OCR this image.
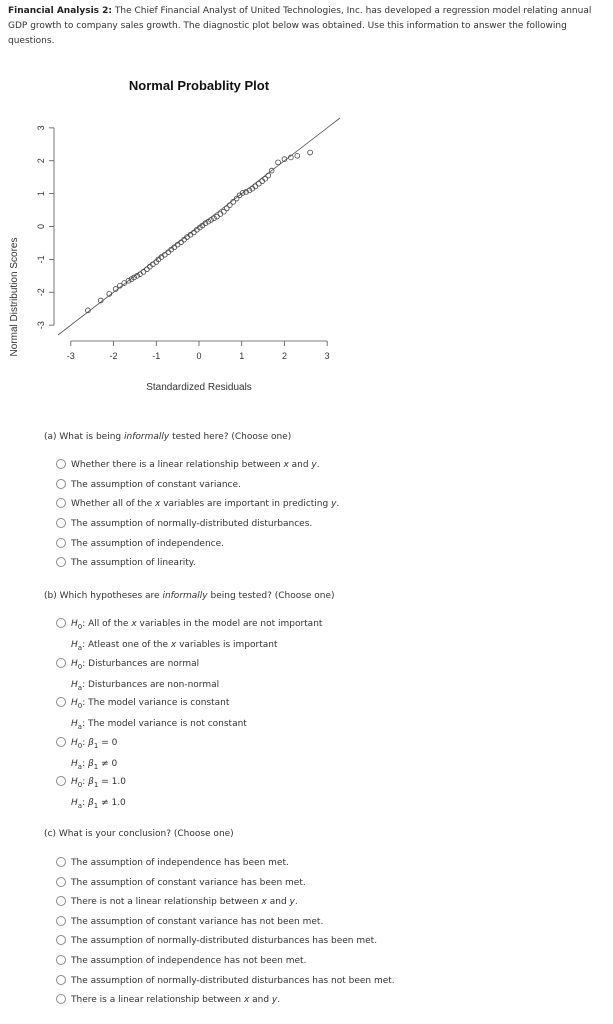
Financial Analysis 2: The Chief Financial Analyst of United Technologies, Inc. has developed a regression model relating annual GDP growth to company sales growth. The diagnostic plot below was obtained. Use this information to answer the following questions.
Normal Probablity Plot
Normal Distribution Scores
Standardized Residuals
-3	-2	-1	0	1	2	3
-3
-2
-1
0
1
2
3
(a) What is being informally tested here? (Choose one)
Whether there is a linear relationship between x and y.
The assumption of constant variance.
Whether all of the x variables are important in predicting y.
The assumption of normally-distributed disturbances.
The assumption of independence.
The assumption of linearity.
(b) Which hypotheses are informally being tested? (Choose one)
$H_0$: All of the x variables in the model are not important
$H_a$: Atleast one of the x variables is important
$H_0$: Disturbances are normal
$H_a$: Disturbances are non-normal
$H_0$: The model variance is constant
$H_a$: The model variance is not constant
$H_0$: $\beta_1 = 0$
$H_a$: $\beta_1 \ne 0$
$H_0$: $\beta_1 = 1.0$
$H_a$: $\beta_1 \ne 1.0$
(c) What is your conclusion? (Choose one)
The assumption of independence has been met.
The assumption of constant variance has been met.
There is not a linear relationship between x and y.
The assumption of constant variance has not been met.
The assumption of normally-distributed disturbances has been met.
The assumption of independence has not been met.
The assumption of normally-distributed disturbances has not been met.
There is a linear relationship between x and y.
